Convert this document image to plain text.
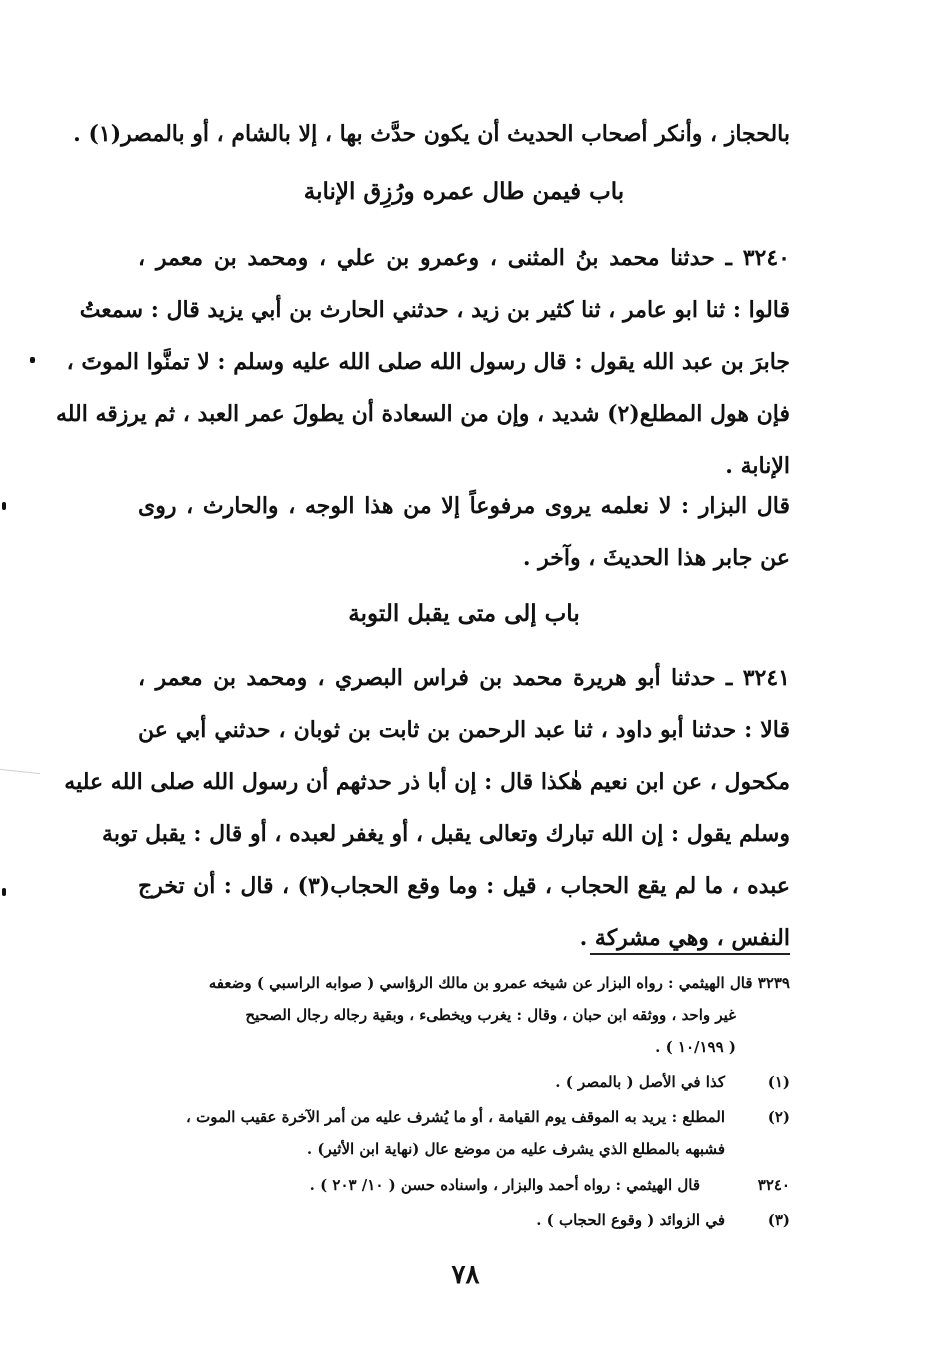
بالحجاز ، وأنكر أصحاب الحديث أن يكون حدَّث بها ، إلا بالشام ، أو بالمصر(١) .
باب فيمن طال عمره ورُزِق الإنابة
٣٢٤٠ ـ حدثنا محمد بنُ المثنى ، وعمرو بن علي ، ومحمد بن معمر ،
قالوا : ثنا ابو عامر ، ثنا كثير بن زيد ، حدثني الحارث بن أبي يزيد قال : سمعتُ
جابرَ بن عبد الله يقول : قال رسول الله صلى الله عليه وسلم : لا تمنَّوا الموتَ ،
فإن هول المطلع(٢) شديد ، وإن من السعادة أن يطولَ عمر العبد ، ثم يرزقه الله
الإنابة .
قال البزار : لا نعلمه يروى مرفوعاً إلا من هذا الوجه ، والحارث ، روى
عن جابر هذا الحديثَ ، وآخر .
باب إلى متى يقبل التوبة
٣٢٤١ ـ حدثنا أبو هريرة محمد بن فراس البصري ، ومحمد بن معمر ،
قالا : حدثنا أبو داود ، ثنا عبد الرحمن بن ثابت بن ثوبان ، حدثني أبي عن
مكحول ، عن ابن نعيم هٰكذا قال : إن أبا ذر حدثهم أن رسول الله صلى الله عليه
وسلم يقول : إن الله تبارك وتعالى يقبل ، أو يغفر لعبده ، أو قال : يقبل توبة
عبده ، ما لم يقع الحجاب ، قيل : وما وقع الحجاب(٣) ، قال : أن تخرج
النفس ، وهي مشركة .
٣٢٣٩ قال الهيثمي : رواه البزار عن شيخه عمرو بن مالك الرؤاسي ( صوابه الراسبي ) وضعفه
غير واحد ، ووثقه ابن حبان ، وقال : يغرب ويخطىء ، وبقية رجاله رجال الصحيح
( ١٠/١٩٩ ) .
(١)
كذا في الأصل ( بالمصر ) .
(٢)
المطلع : يريد به الموقف يوم القيامة ، أو ما يُشرف عليه من أمر الآخرة عقيب الموت ،
فشبهه بالمطلع الذي يشرف عليه من موضع عال (نهاية ابن الأثير) .
٣٢٤٠
قال الهيثمي : رواه أحمد والبزار ، واسناده حسن ( ١٠/ ٢٠٣ ) .
(٣)
في الزوائد ( وقوع الحجاب ) .
٧٨
